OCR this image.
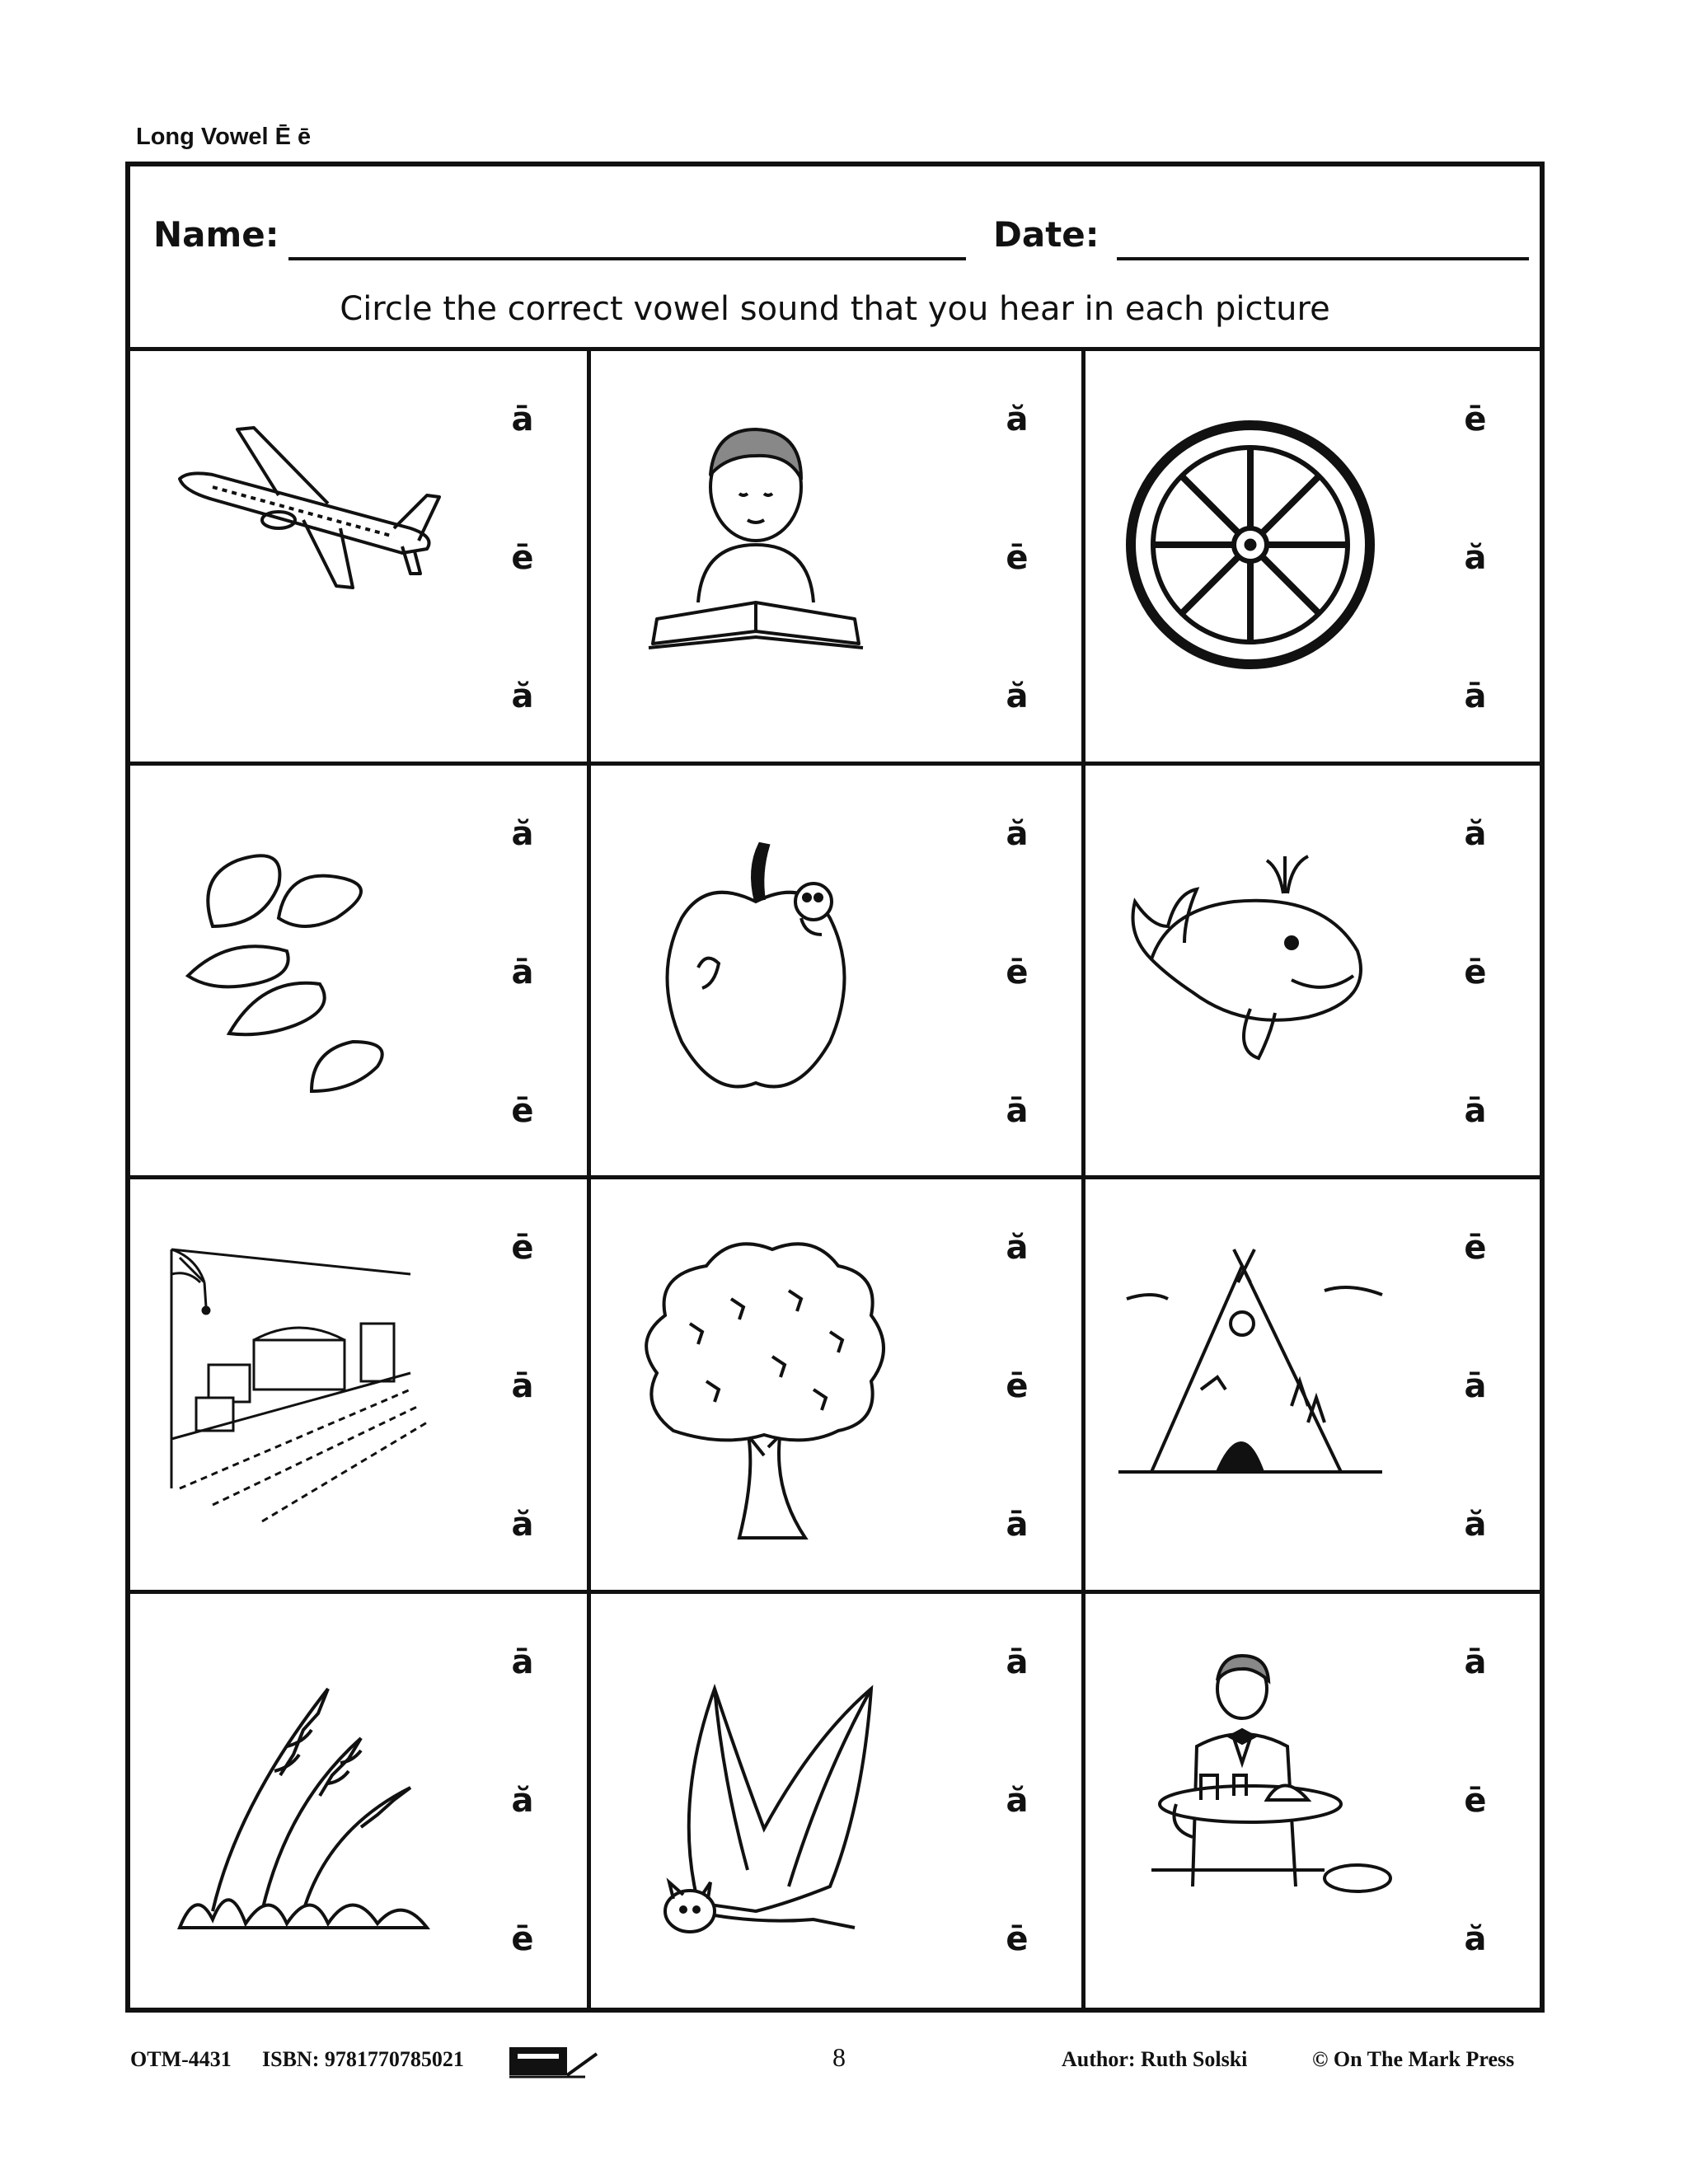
Long Vowel Ē ē
Name:	Date:
Circle the correct vowel sound that you hear in each picture
ā
ē
ă
ă
ē
ă
ē
ă
ā
ă
ā
ē
ă
ē
ā
ă
ē
ā
ē
ā
ă
ă
ē
ā
ē
ā
ă
ā
ă
ē
ā
ă
ē
ā
ē
ă
OTM-4431 ISBN: 9781770785021	8	Author: Ruth Solski	© On The Mark Press
